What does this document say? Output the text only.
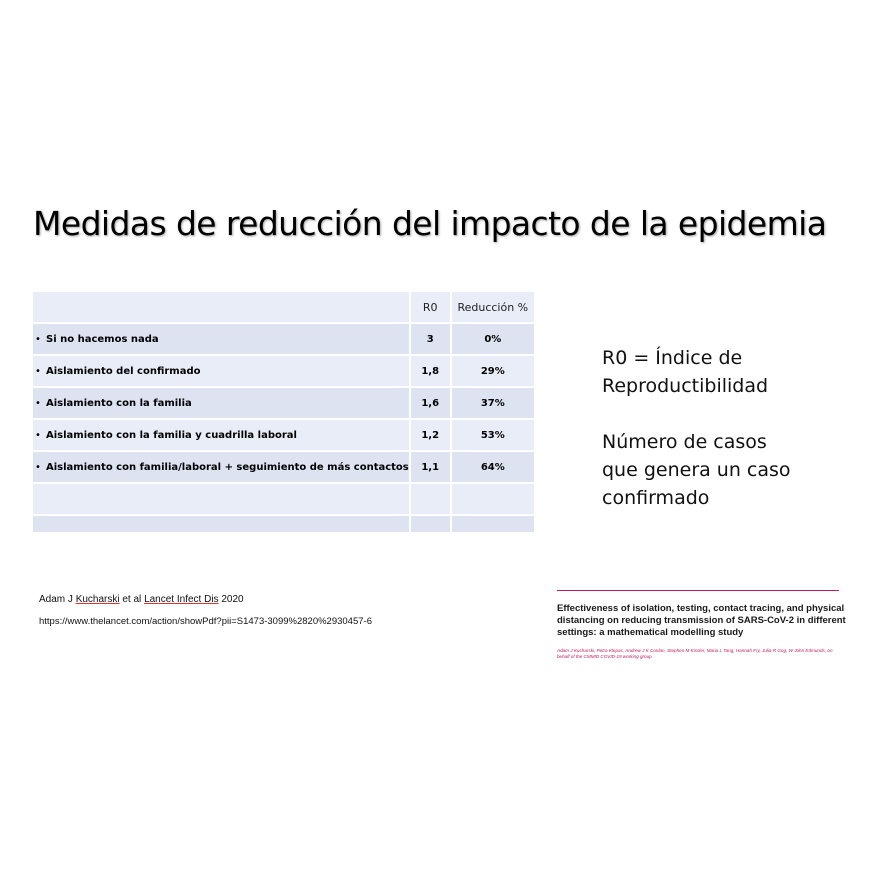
Medidas de reducción del impacto de la epidemia
	R0	Reducción %
• Si no hacemos nada	3	0%
• Aislamiento del confirmado	1,8	29%
• Aislamiento con la familia	1,6	37%
• Aislamiento con la familia y cuadrilla laboral	1,2	53%
• Aislamiento con familia/laboral + seguimiento de más contactos	1,1	64%

R0 = Índice de

Reproductibilidad

Número de casos

que genera un caso

confirmado

Adam J Kucharski et al Lancet Infect Dis 2020
https://www.thelancet.com/action/showPdf?pii=S1473-3099%2820%2930457-6
Effectiveness of isolation, testing, contact tracing, and physical distancing on reducing transmission of SARS-CoV-2 in different settings: a mathematical modelling study
Adam J Kucharski, Petra Klepac, Andrew J K Conlan, Stephen M Kissler, Maria L Tang, Hannah Fry, Julia R Gog, W John Edmunds, on behalf of the CMMID COVID-19 working group
